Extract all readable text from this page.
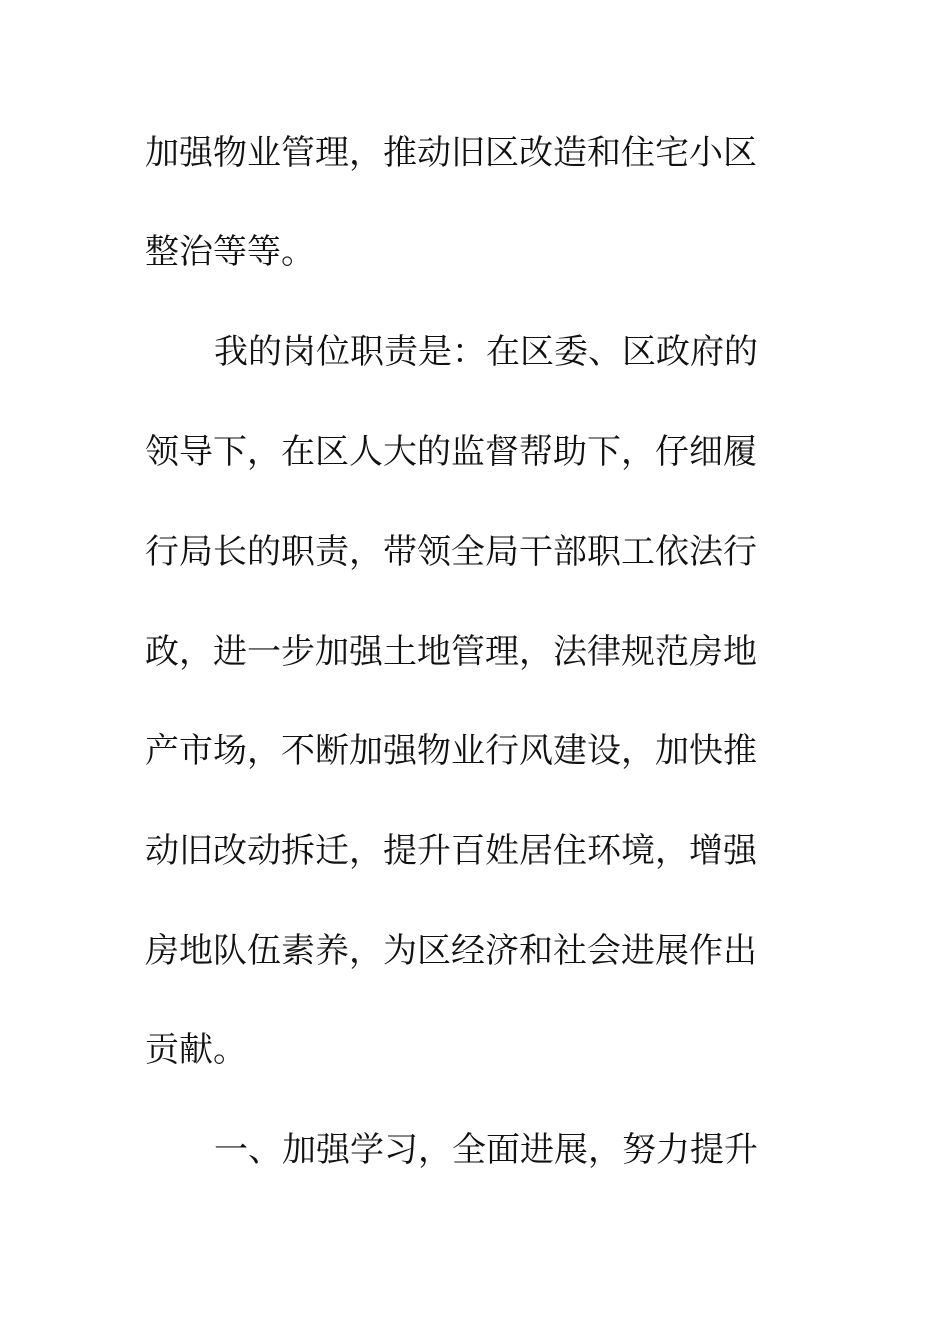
加强物业管理，推动旧区改造和住宅小区
整治等等。
我的岗位职责是：在区委、区政府的
领导下，在区人大的监督帮助下，仔细履
行局长的职责，带领全局干部职工依法行
政，进一步加强土地管理，法律规范房地
产市场，不断加强物业行风建设，加快推
动旧改动拆迁，提升百姓居住环境，增强
房地队伍素养，为区经济和社会进展作出
贡献。
一、加强学习，全面进展，努力提升
